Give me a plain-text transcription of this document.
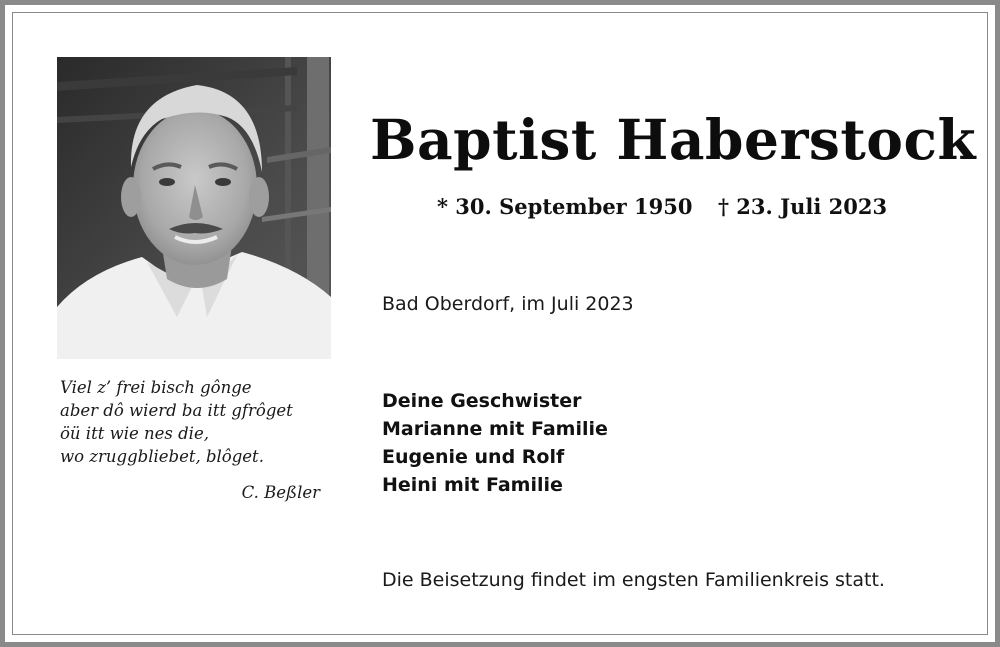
Viel z’ frei bisch gônge
aber dô wierd ba itt gfrôget
öü itt wie nes die,
wo zruggbliebet, blôget.
C. Beßler
Baptist Haberstock
* 30. September 1950 † 23. Juli 2023
Bad Oberdorf, im Juli 2023
Deine Geschwister
Marianne mit Familie
Eugenie und Rolf
Heini mit Familie
Die Beisetzung findet im engsten Familienkreis statt.
